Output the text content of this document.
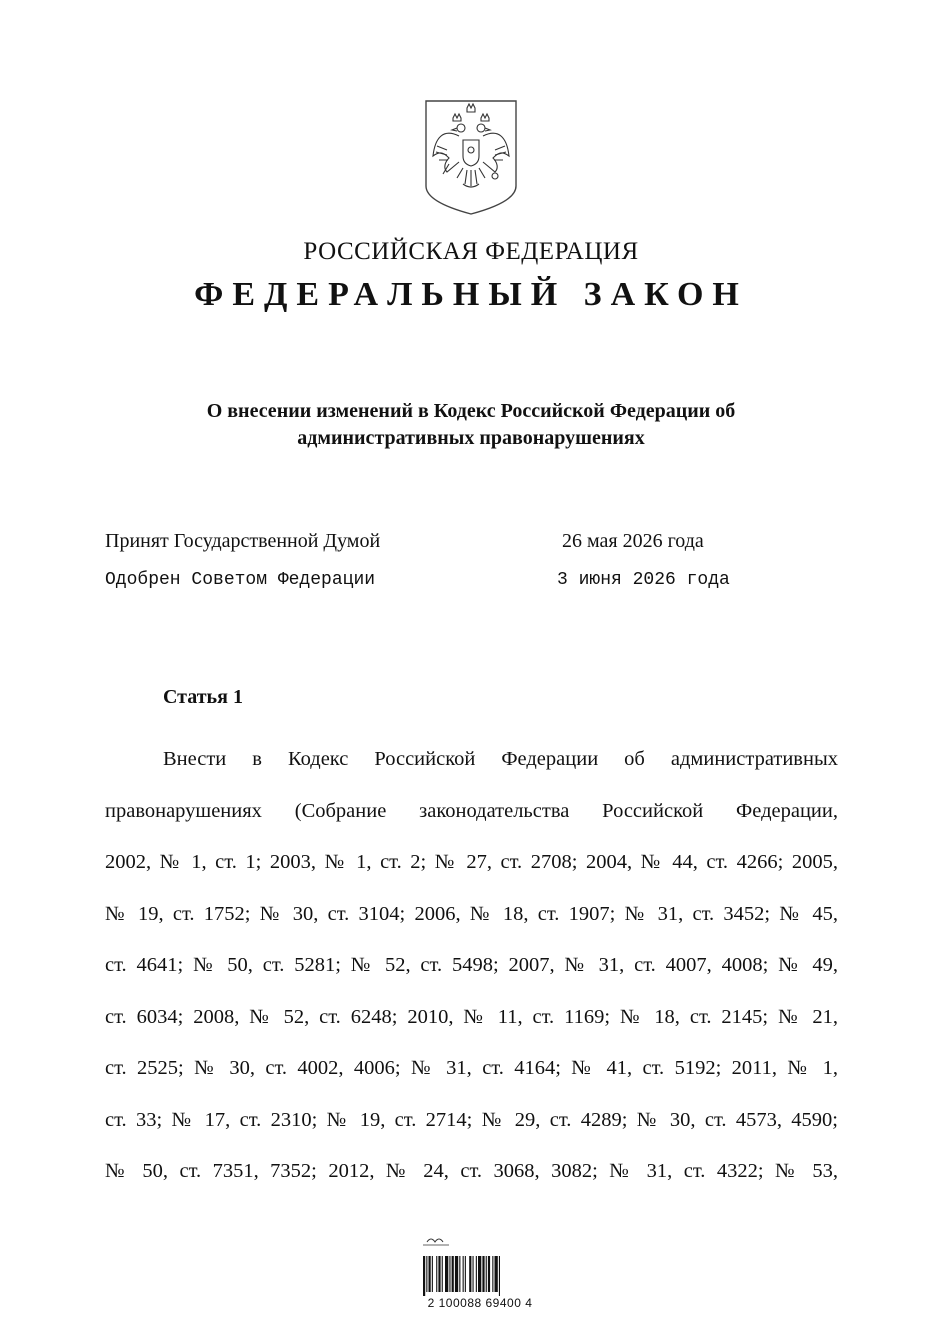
РОССИЙСКАЯ ФЕДЕРАЦИЯ
ФЕДЕРАЛЬНЫЙ ЗАКОН
О внесении изменений в Кодекс Российской Федерации об
административных правонарушениях
Принят Государственной Думой	26 мая 2026 года
Одобрен Советом Федерации	3 июня 2026 года
Статья 1
Внести в Кодекс Российской Федерации об административных
правонарушениях (Собрание законодательства Российской Федерации,
2002, № 1, ст. 1; 2003, № 1, ст. 2; № 27, ст. 2708; 2004, № 44, ст. 4266; 2005,
№ 19, ст. 1752; № 30, ст. 3104; 2006, № 18, ст. 1907; № 31, ст. 3452; № 45,
ст. 4641; № 50, ст. 5281; № 52, ст. 5498; 2007, № 31, ст. 4007, 4008; № 49,
ст. 6034; 2008, № 52, ст. 6248; 2010, № 11, ст. 1169; № 18, ст. 2145; № 21,
ст. 2525; № 30, ст. 4002, 4006; № 31, ст. 4164; № 41, ст. 5192; 2011, № 1,
ст. 33; № 17, ст. 2310; № 19, ст. 2714; № 29, ст. 4289; № 30, ст. 4573, 4590;
№ 50, ст. 7351, 7352; 2012, № 24, ст. 3068, 3082; № 31, ст. 4322; № 53,
2 100088 69400 4
